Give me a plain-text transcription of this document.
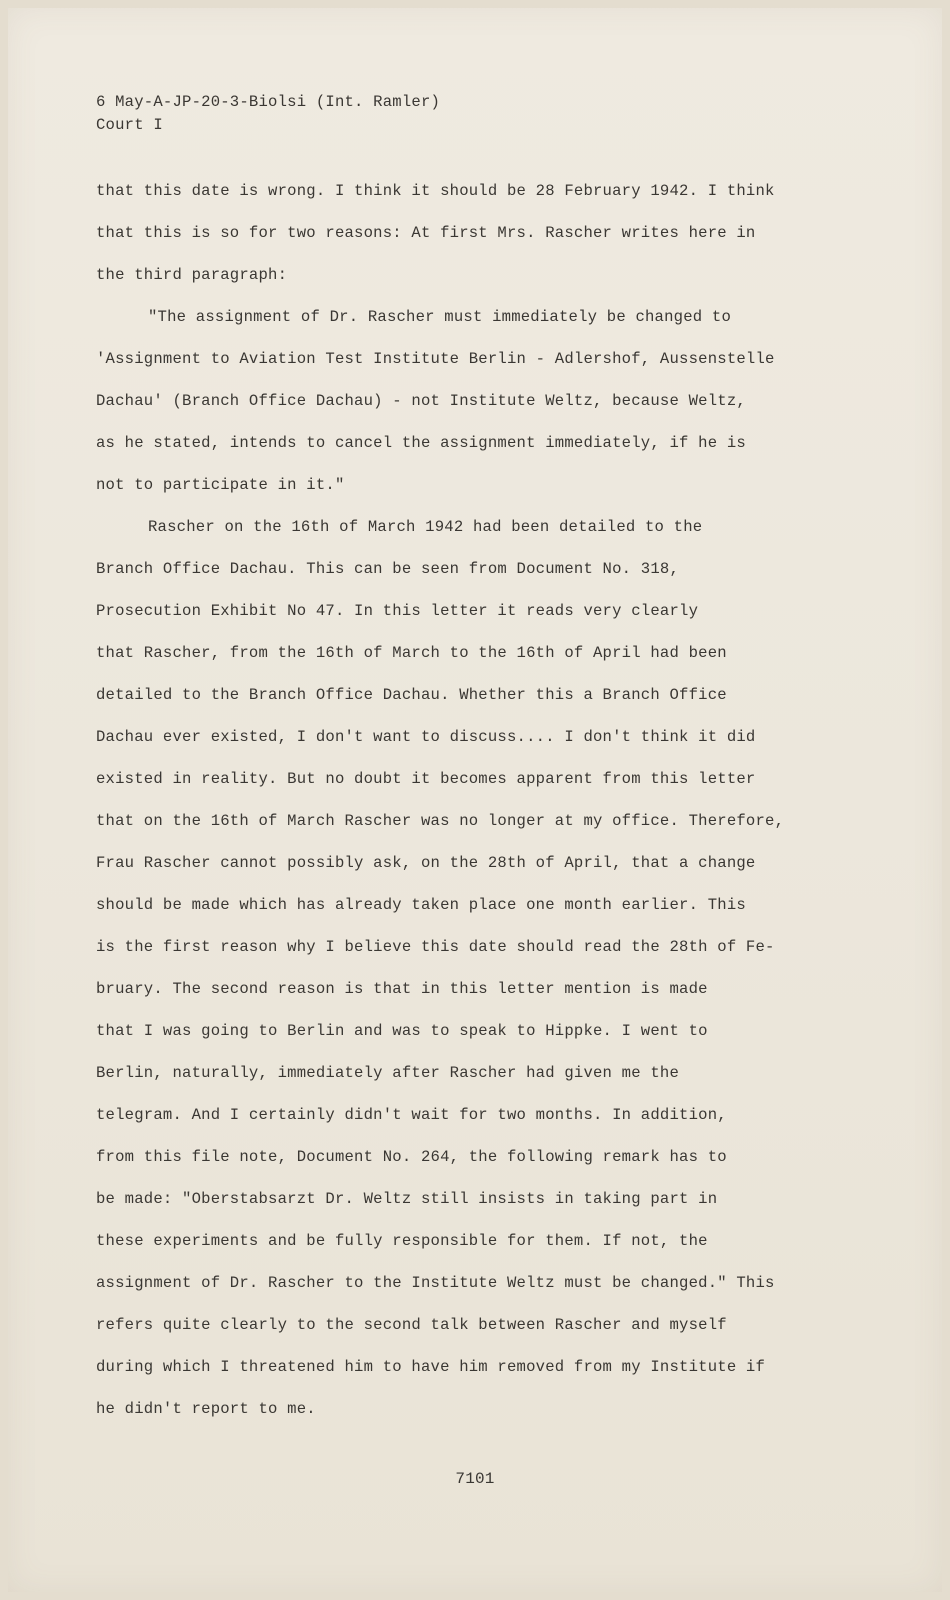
6 May-A-JP-20-3-Biolsi (Int. Ramler)
Court I
that this date is wrong. I think it should be 28 February 1942. I think
that this is so for two reasons: At first Mrs. Rascher writes here in
the third paragraph:
"The assignment of Dr. Rascher must immediately be changed to
'Assignment to Aviation Test Institute Berlin - Adlershof, Aussenstelle
Dachau' (Branch Office Dachau) - not Institute Weltz, because Weltz,
as he stated, intends to cancel the assignment immediately, if he is
not to participate in it."
Rascher on the 16th of March 1942 had been detailed to the
Branch Office Dachau. This can be seen from Document No. 318,
Prosecution Exhibit No 47. In this letter it reads very clearly
that Rascher, from the 16th of March to the 16th of April had been
detailed to the Branch Office Dachau. Whether this a Branch Office
Dachau ever existed, I don't want to discuss.... I don't think it did
existed in reality. But no doubt it becomes apparent from this letter
that on the 16th of March Rascher was no longer at my office. Therefore,
Frau Rascher cannot possibly ask, on the 28th of April, that a change
should be made which has already taken place one month earlier. This
is the first reason why I believe this date should read the 28th of Fe-
bruary. The second reason is that in this letter mention is made
that I was going to Berlin and was to speak to Hippke. I went to
Berlin, naturally, immediately after Rascher had given me the
telegram. And I certainly didn't wait for two months. In addition,
from this file note, Document No. 264, the following remark has to
be made: "Oberstabsarzt Dr. Weltz still insists in taking part in
these experiments and be fully responsible for them. If not, the
assignment of Dr. Rascher to the Institute Weltz must be changed." This
refers quite clearly to the second talk between Rascher and myself
during which I threatened him to have him removed from my Institute if
he didn't report to me.
7101
